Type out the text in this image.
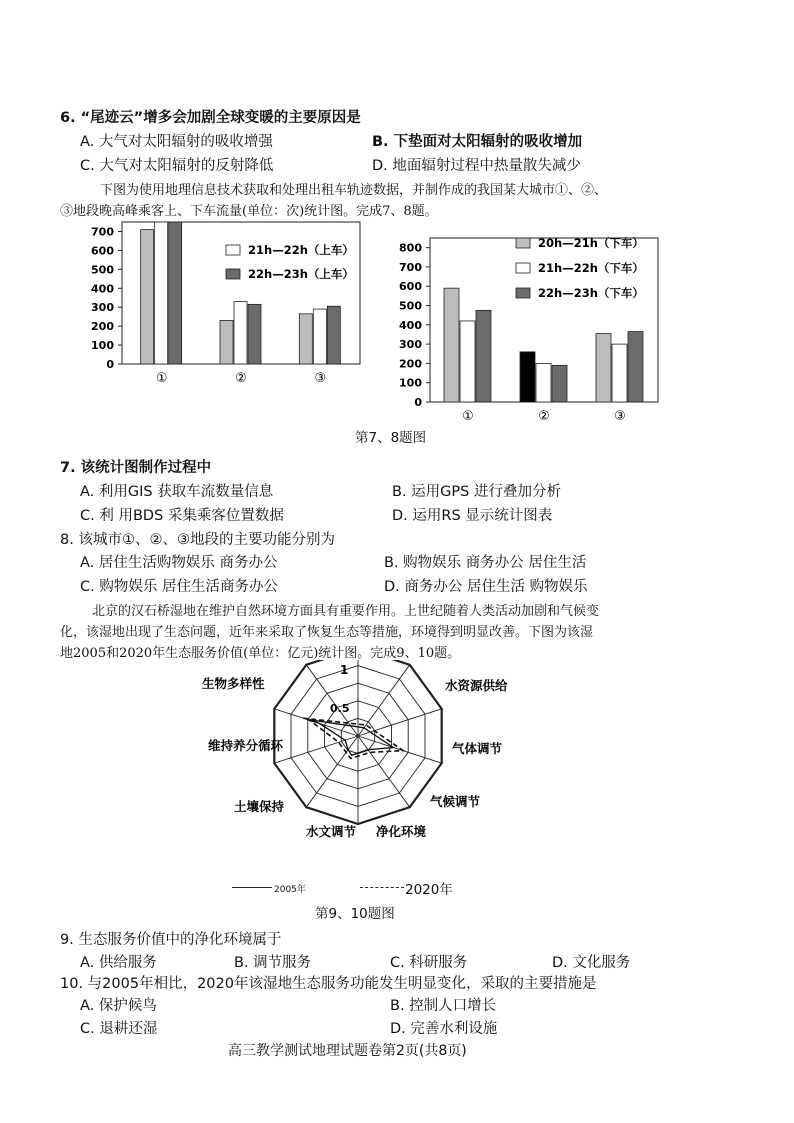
6. “尾迹云”增多会加剧全球变暖的主要原因是
A. 大气对太阳辐射的吸收增强	B. 下垫面对太阳辐射的吸收增加
C. 大气对太阳辐射的反射降低	D. 地面辐射过程中热量散失减少
下图为使用地理信息技术获取和处理出租车轨迹数据，并制作成的我国某大城市①、②、
③地段晚高峰乘客上、下车流量(单位：次)统计图。完成7、8题。
0
100
200
300
400
500
600
700
①	②	③
21h—22h（上车）
22h—23h（上车）
0
100
200
300
400
500
600
700
800
①	②	③
20h—21h（下车）
21h—22h（下车）
22h—23h（下车）
第7、8题图
7. 该统计图制作过程中
A. 利用GIS 获取车流数量信息	B. 运用GPS 进行叠加分析
C. 利 用BDS 采集乘客位置数据	D. 运用RS 显示统计图表
8. 该城市①、②、③地段的主要功能分别为
A. 居住生活购物娱乐 商务办公	B. 购物娱乐 商务办公 居住生活
C. 购物娱乐 居住生活商务办公	D. 商务办公 居住生活 购物娱乐
北京的汉石桥湿地在维护自然环境方面具有重要作用。上世纪随着人类活动加剧和气候变
化，该湿地出现了生态问题，近年来采取了恢复生态等措施，环境得到明显改善。下图为该湿
地2005和2020年生态服务价值(单位：亿元)统计图。完成9、10题。
1
0.5
生物多样性	水资源供给
气体调节
气候调节
净化环境
水文调节
土壤保持
维持养分循环
2005年	2020年
第9、10题图
9. 生态服务价值中的净化环境属于
A. 供给服务	B. 调节服务	C. 科研服务	D. 文化服务
10. 与2005年相比，2020年该湿地生态服务功能发生明显变化，采取的主要措施是
A. 保护候鸟	B. 控制人口增长
C. 退耕还湿	D. 完善水利设施
高三教学测试地理试题卷第2页(共8页)
